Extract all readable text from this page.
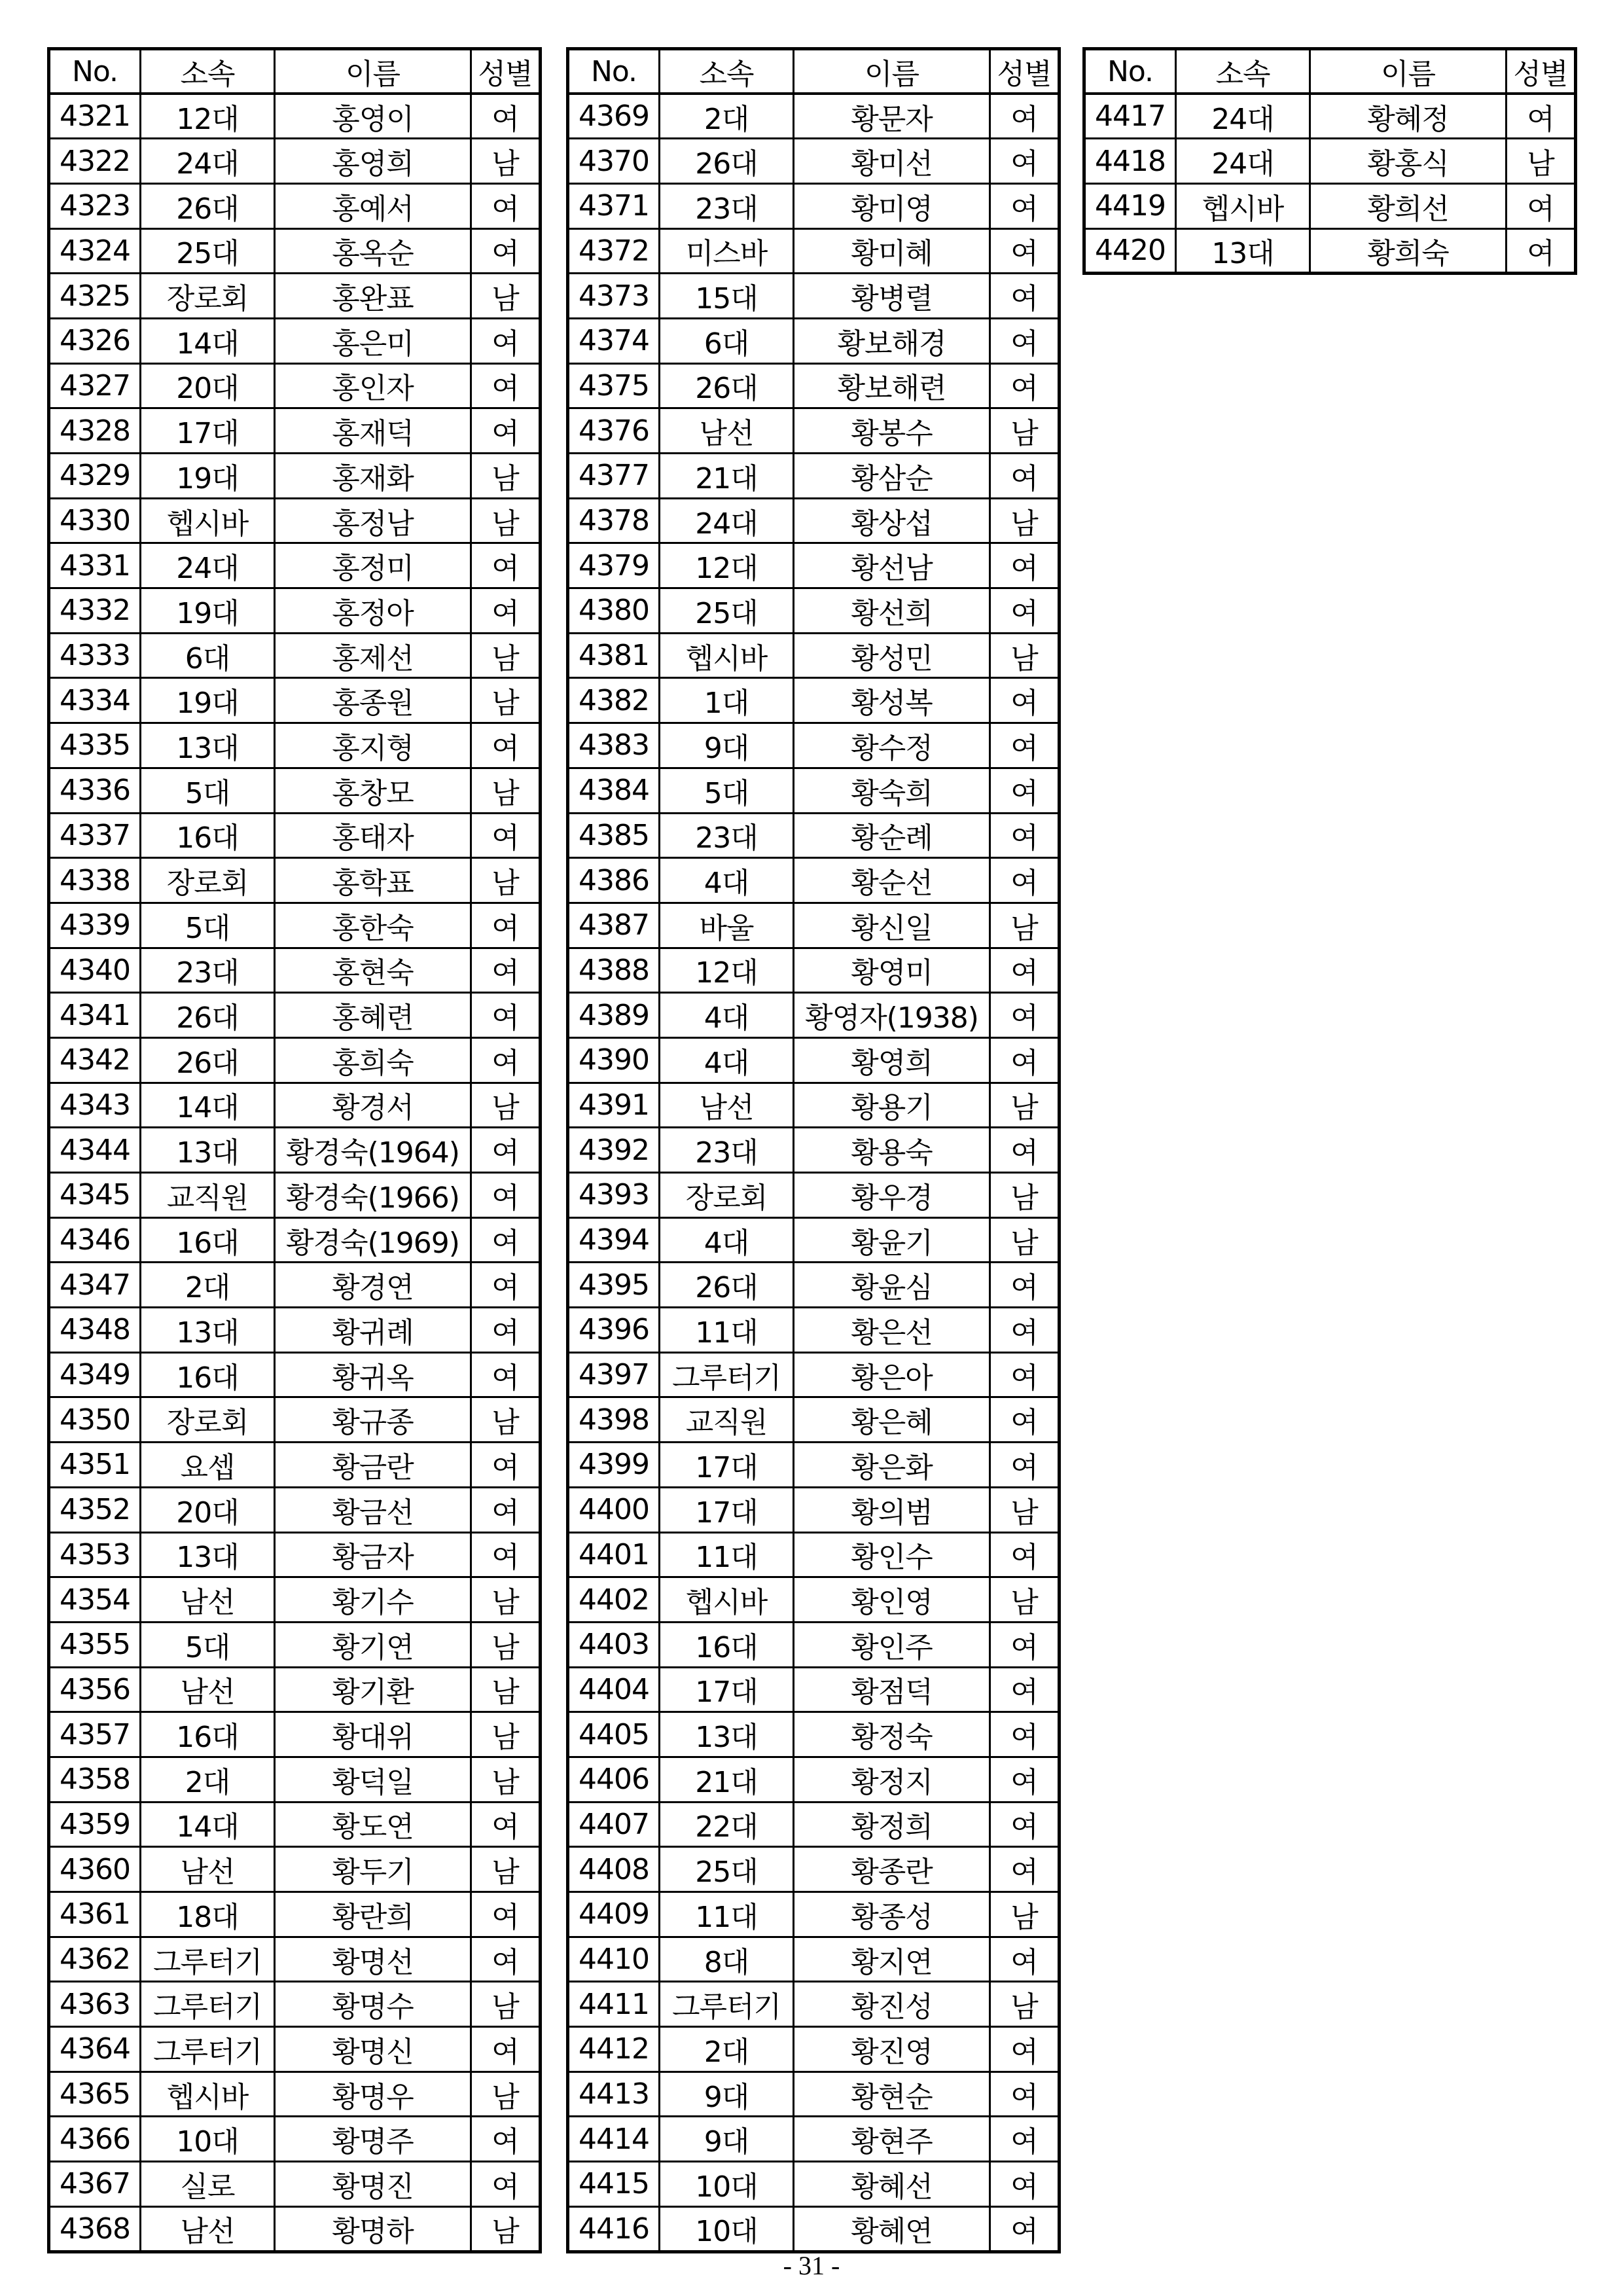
No.	소속	이름	성별
4321	12대	홍영이	여
4322	24대	홍영희	남
4323	26대	홍예서	여
4324	25대	홍옥순	여
4325	장로회	홍완표	남
4326	14대	홍은미	여
4327	20대	홍인자	여
4328	17대	홍재덕	여
4329	19대	홍재화	남
4330	헵시바	홍정남	남
4331	24대	홍정미	여
4332	19대	홍정아	여
4333	6대	홍제선	남
4334	19대	홍종원	남
4335	13대	홍지형	여
4336	5대	홍창모	남
4337	16대	홍태자	여
4338	장로회	홍학표	남
4339	5대	홍한숙	여
4340	23대	홍현숙	여
4341	26대	홍혜련	여
4342	26대	홍희숙	여
4343	14대	황경서	남
4344	13대	황경숙(1964)	여
4345	교직원	황경숙(1966)	여
4346	16대	황경숙(1969)	여
4347	2대	황경연	여
4348	13대	황귀례	여
4349	16대	황귀옥	여
4350	장로회	황규종	남
4351	요셉	황금란	여
4352	20대	황금선	여
4353	13대	황금자	여
4354	남선	황기수	남
4355	5대	황기연	남
4356	남선	황기환	남
4357	16대	황대위	남
4358	2대	황덕일	남
4359	14대	황도연	여
4360	남선	황두기	남
4361	18대	황란희	여
4362	그루터기	황명선	여
4363	그루터기	황명수	남
4364	그루터기	황명신	여
4365	헵시바	황명우	남
4366	10대	황명주	여
4367	실로	황명진	여
4368	남선	황명하	남
No.	소속	이름	성별
4369	2대	황문자	여
4370	26대	황미선	여
4371	23대	황미영	여
4372	미스바	황미혜	여
4373	15대	황병렬	여
4374	6대	황보해경	여
4375	26대	황보해련	여
4376	남선	황봉수	남
4377	21대	황삼순	여
4378	24대	황상섭	남
4379	12대	황선남	여
4380	25대	황선희	여
4381	헵시바	황성민	남
4382	1대	황성복	여
4383	9대	황수정	여
4384	5대	황숙희	여
4385	23대	황순례	여
4386	4대	황순선	여
4387	바울	황신일	남
4388	12대	황영미	여
4389	4대	황영자(1938)	여
4390	4대	황영희	여
4391	남선	황용기	남
4392	23대	황용숙	여
4393	장로회	황우경	남
4394	4대	황윤기	남
4395	26대	황윤심	여
4396	11대	황은선	여
4397	그루터기	황은아	여
4398	교직원	황은혜	여
4399	17대	황은화	여
4400	17대	황의범	남
4401	11대	황인수	여
4402	헵시바	황인영	남
4403	16대	황인주	여
4404	17대	황점덕	여
4405	13대	황정숙	여
4406	21대	황정지	여
4407	22대	황정희	여
4408	25대	황종란	여
4409	11대	황종성	남
4410	8대	황지연	여
4411	그루터기	황진성	남
4412	2대	황진영	여
4413	9대	황현순	여
4414	9대	황현주	여
4415	10대	황혜선	여
4416	10대	황혜연	여
No.	소속	이름	성별
4417	24대	황혜정	여
4418	24대	황홍식	남
4419	헵시바	황희선	여
4420	13대	황희숙	여
- 31 -
